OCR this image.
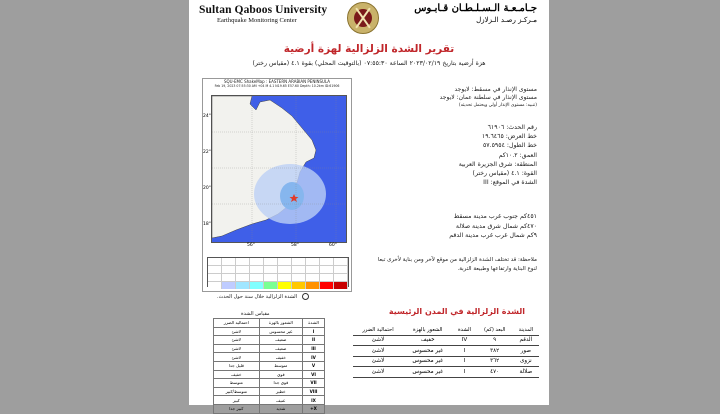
Sultan Qaboos University
Earthquake Monitoring Center
جـامـعـة الـسـلـطـان قـابـوس
مـركـز رصـد الـزلازل
تقرير الشدة الزلزالية لهزة أرضية
هزة أرضية بتاريخ ٢٠٢٣/٠٢/١٩ الساعة ٠٧:٥٥:٣٠ (بالتوقيت المحلي) بقوة ٤.١ (مقياس رختر)
SQU-EMC ShakeMap : EASTERN ARABIAN PENINSULA
Feb 19, 2023 07:55:30 AM +04 M 4.1 N19.65 E57.60 Depth: 10.2km ID:61906
24°
22°
20°
18°
56°	58°	60°
مستوى الإنذار في مسقط: لايوجد
مستوى الإنذار في سلطنة عمان: لايوجد
(تنبيه: مستوى الإنذار أولي ويحتمل تحديثه)
رقم الحدث: ٦١٩٠٦
خط العرض: ١٩.٦٤٦٥
خط الطول: ٥٧.٥٩٥٤
العمق: ١٠.٢كم
المنطقة: شرق الجزيرة العربية
القوة: ٤.١ (مقياس رختر)
الشدة في الموقع: III
٤٥١كم جنوب غرب مدينة مسقط
٤٧٠كم شمال شرق مدينة صلالة
٩كم شمال غرب غرب مدينة الدقم
ملاحظة: قد تختلف الشدة الزلزالية من موقع لآخر ومن بناية لأخرى تبعا لنوع البناية وارتفاعها وطبيعة التربة.
الشدة الزلزالية خلال سنة حول الحدث.
الشدة الزلزالية في المدن الرئيسية
المدينة	البعد (كم)	الشدة	الشعور بالهزة	احتمالية الضرر
الدقم	٩	IV	خفيف	لاشئ
صور	٣٨٢	I	غير محسوس	لاشئ
نزوى	٣٦٢	I	غير محسوس	لاشئ
صلالة	٤٧٠	I	غير محسوس	لاشئ
مقياس الشدة
الشدة	الشعور بالهزة	احتمالية الضرر
I	غير محسوس	لاشئ
II	ضعيف	لاشئ
III	ضعيف	لاشئ
IV	خفيف	لاشئ
V	متوسط	قليل جدا
VI	قوي	خفيف
VII	قوي جدا	متوسط
VIII	خطير	متوسط/كبير
IX	عنيف	كبير
X+	شديد	كبير جدا
